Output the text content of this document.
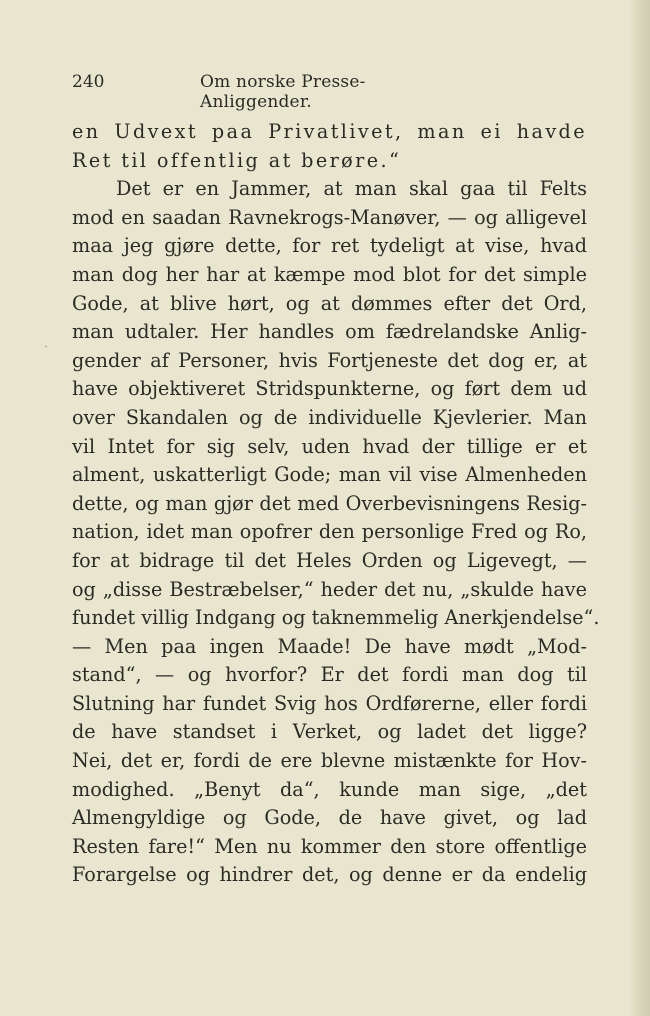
240	Om norske Presse-Anliggender.
ˏ
en Udvext paa Privatlivet, man ei havde
Ret til offentlig at berøre.“
Det er en Jammer, at man skal gaa til Felts
mod en saadan Ravnekrogs-Manøver, — og alligevel
maa jeg gjøre dette, for ret tydeligt at vise, hvad
man dog her har at kæmpe mod blot for det simple
Gode, at blive hørt, og at dømmes efter det Ord,
man udtaler. Her handles om fædrelandske Anlig-
gender af Personer, hvis Fortjeneste det dog er, at
have objektiveret Stridspunkterne, og ført dem ud
over Skandalen og de individuelle Kjevlerier. Man
vil Intet for sig selv, uden hvad der tillige er et
alment, uskatterligt Gode; man vil vise Almenheden
dette, og man gjør det med Overbevisningens Resig-
nation, idet man opofrer den personlige Fred og Ro,
for at bidrage til det Heles Orden og Ligevegt, —
og „disse Bestræbelser,“ heder det nu, „skulde have
fundet villig Indgang og taknemmelig Anerkjendelse“.
— Men paa ingen Maade! De have mødt „Mod-
stand“, — og hvorfor? Er det fordi man dog til
Slutning har fundet Svig hos Ordførerne, eller fordi
de have standset i Verket, og ladet det ligge?
Nei, det er, fordi de ere blevne mistænkte for Hov-
modighed. „Benyt da“, kunde man sige, „det
Almengyldige og Gode, de have givet, og lad
Resten fare!“ Men nu kommer den store offentlige
Forargelse og hindrer det, og denne er da endelig
